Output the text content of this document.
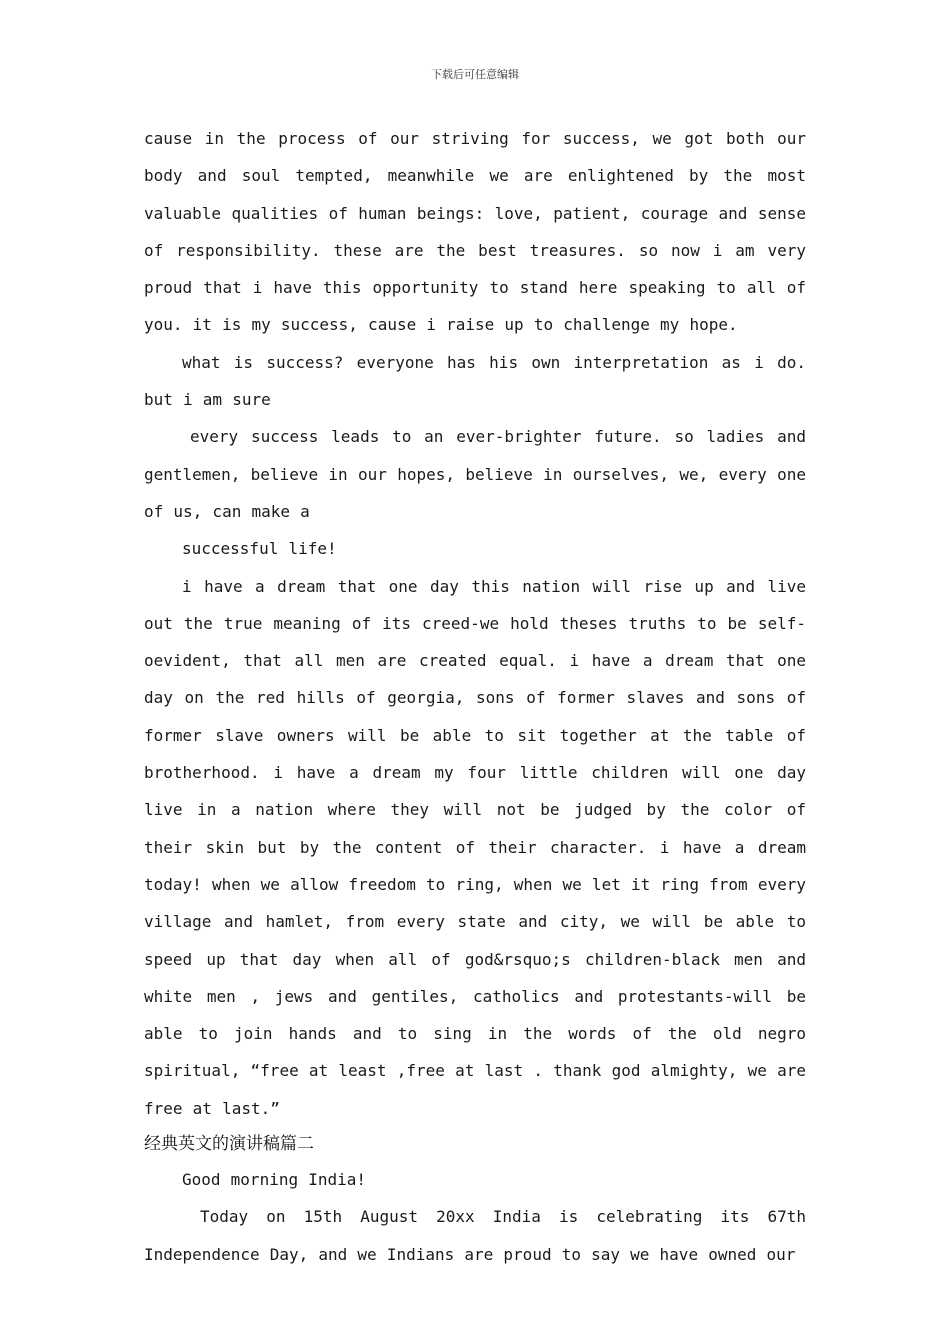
下载后可任意编辑

cause in the process of our striving for success, we got both our body and soul tempted, meanwhile we are enlightened by the most valuable qualities of human beings: love, patient, courage and sense of responsibility. these are the best treasures. so now i am very proud that i have this opportunity to stand here speaking to all of you. it is my success, cause i raise up to challenge my hope.

what is success? everyone has his own interpretation as i do. but i am sure

every success leads to an ever-brighter future. so ladies and gentlemen, believe in our hopes, believe in ourselves, we, every one of us, can make a

successful life!

i have a dream that one day this nation will rise up and live out the true meaning of its creed-we hold theses truths to be self-oevident, that all men are created equal. i have a dream that one day on the red hills of georgia, sons of former slaves and sons of former slave owners will be able to sit together at the table of brotherhood. i have a dream my four little children will one day live in a nation where they will not be judged by the color of their skin but by the content of their character. i have a dream today! when we allow freedom to ring, when we let it ring from every village and hamlet, from every state and city, we will be able to speed up that day when all of god&rsquo;s children-black men and white men , jews and gentiles, catholics and protestants-will be able to join hands and to sing in the words of the old negro spiritual, “free at least ,free at last . thank god almighty, we are free at last.”

经典英文的演讲稿篇二

Good morning India!

Today on 15th August 20xx India is celebrating its 67th Independence Day, and we Indians are proud to say we have owned our
